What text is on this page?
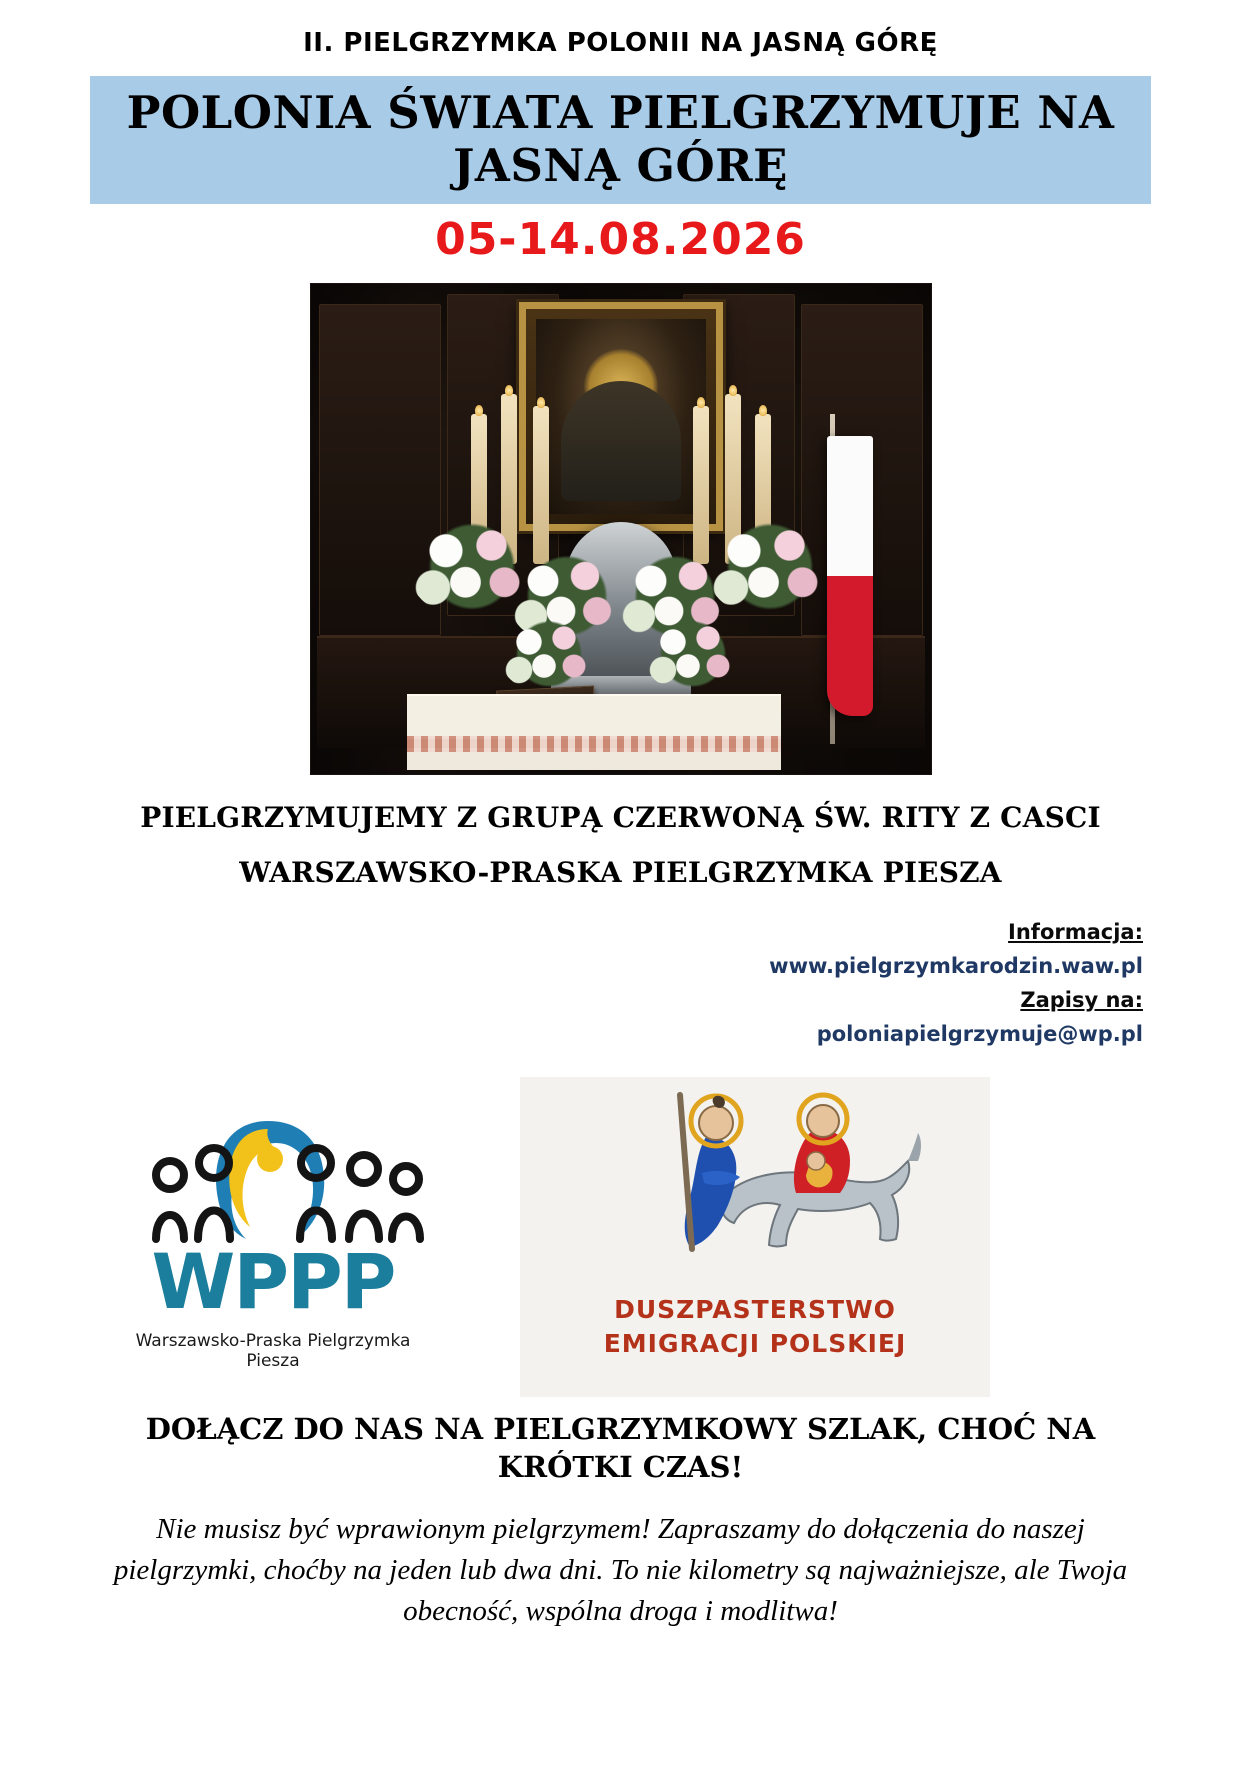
II. PIELGRZYMKA POLONII NA JASNĄ GÓRĘ
POLONIA ŚWIATA PIELGRZYMUJE NA JASNĄ GÓRĘ
05-14.08.2026
PIELGRZYMUJEMY Z GRUPĄ CZERWONĄ ŚW. RITY Z CASCI
WARSZAWSKO-PRASKA PIELGRZYMKA PIESZA
Informacja:
www.pielgrzymkarodzin.waw.pl
Zapisy na:
poloniapielgrzymuje@wp.pl
WPPP
Warszawsko-Praska Pielgrzymka Piesza
DUSZPASTERSTWO
EMIGRACJI POLSKIEJ
DOŁĄCZ DO NAS NA PIELGRZYMKOWY SZLAK, CHOĆ NA KRÓTKI CZAS!
Nie musisz być wprawionym pielgrzymem! Zapraszamy do dołączenia do naszej pielgrzymki, choćby na jeden lub dwa dni. To nie kilometry są najważniejsze, ale Twoja obecność, wspólna droga i modlitwa!
